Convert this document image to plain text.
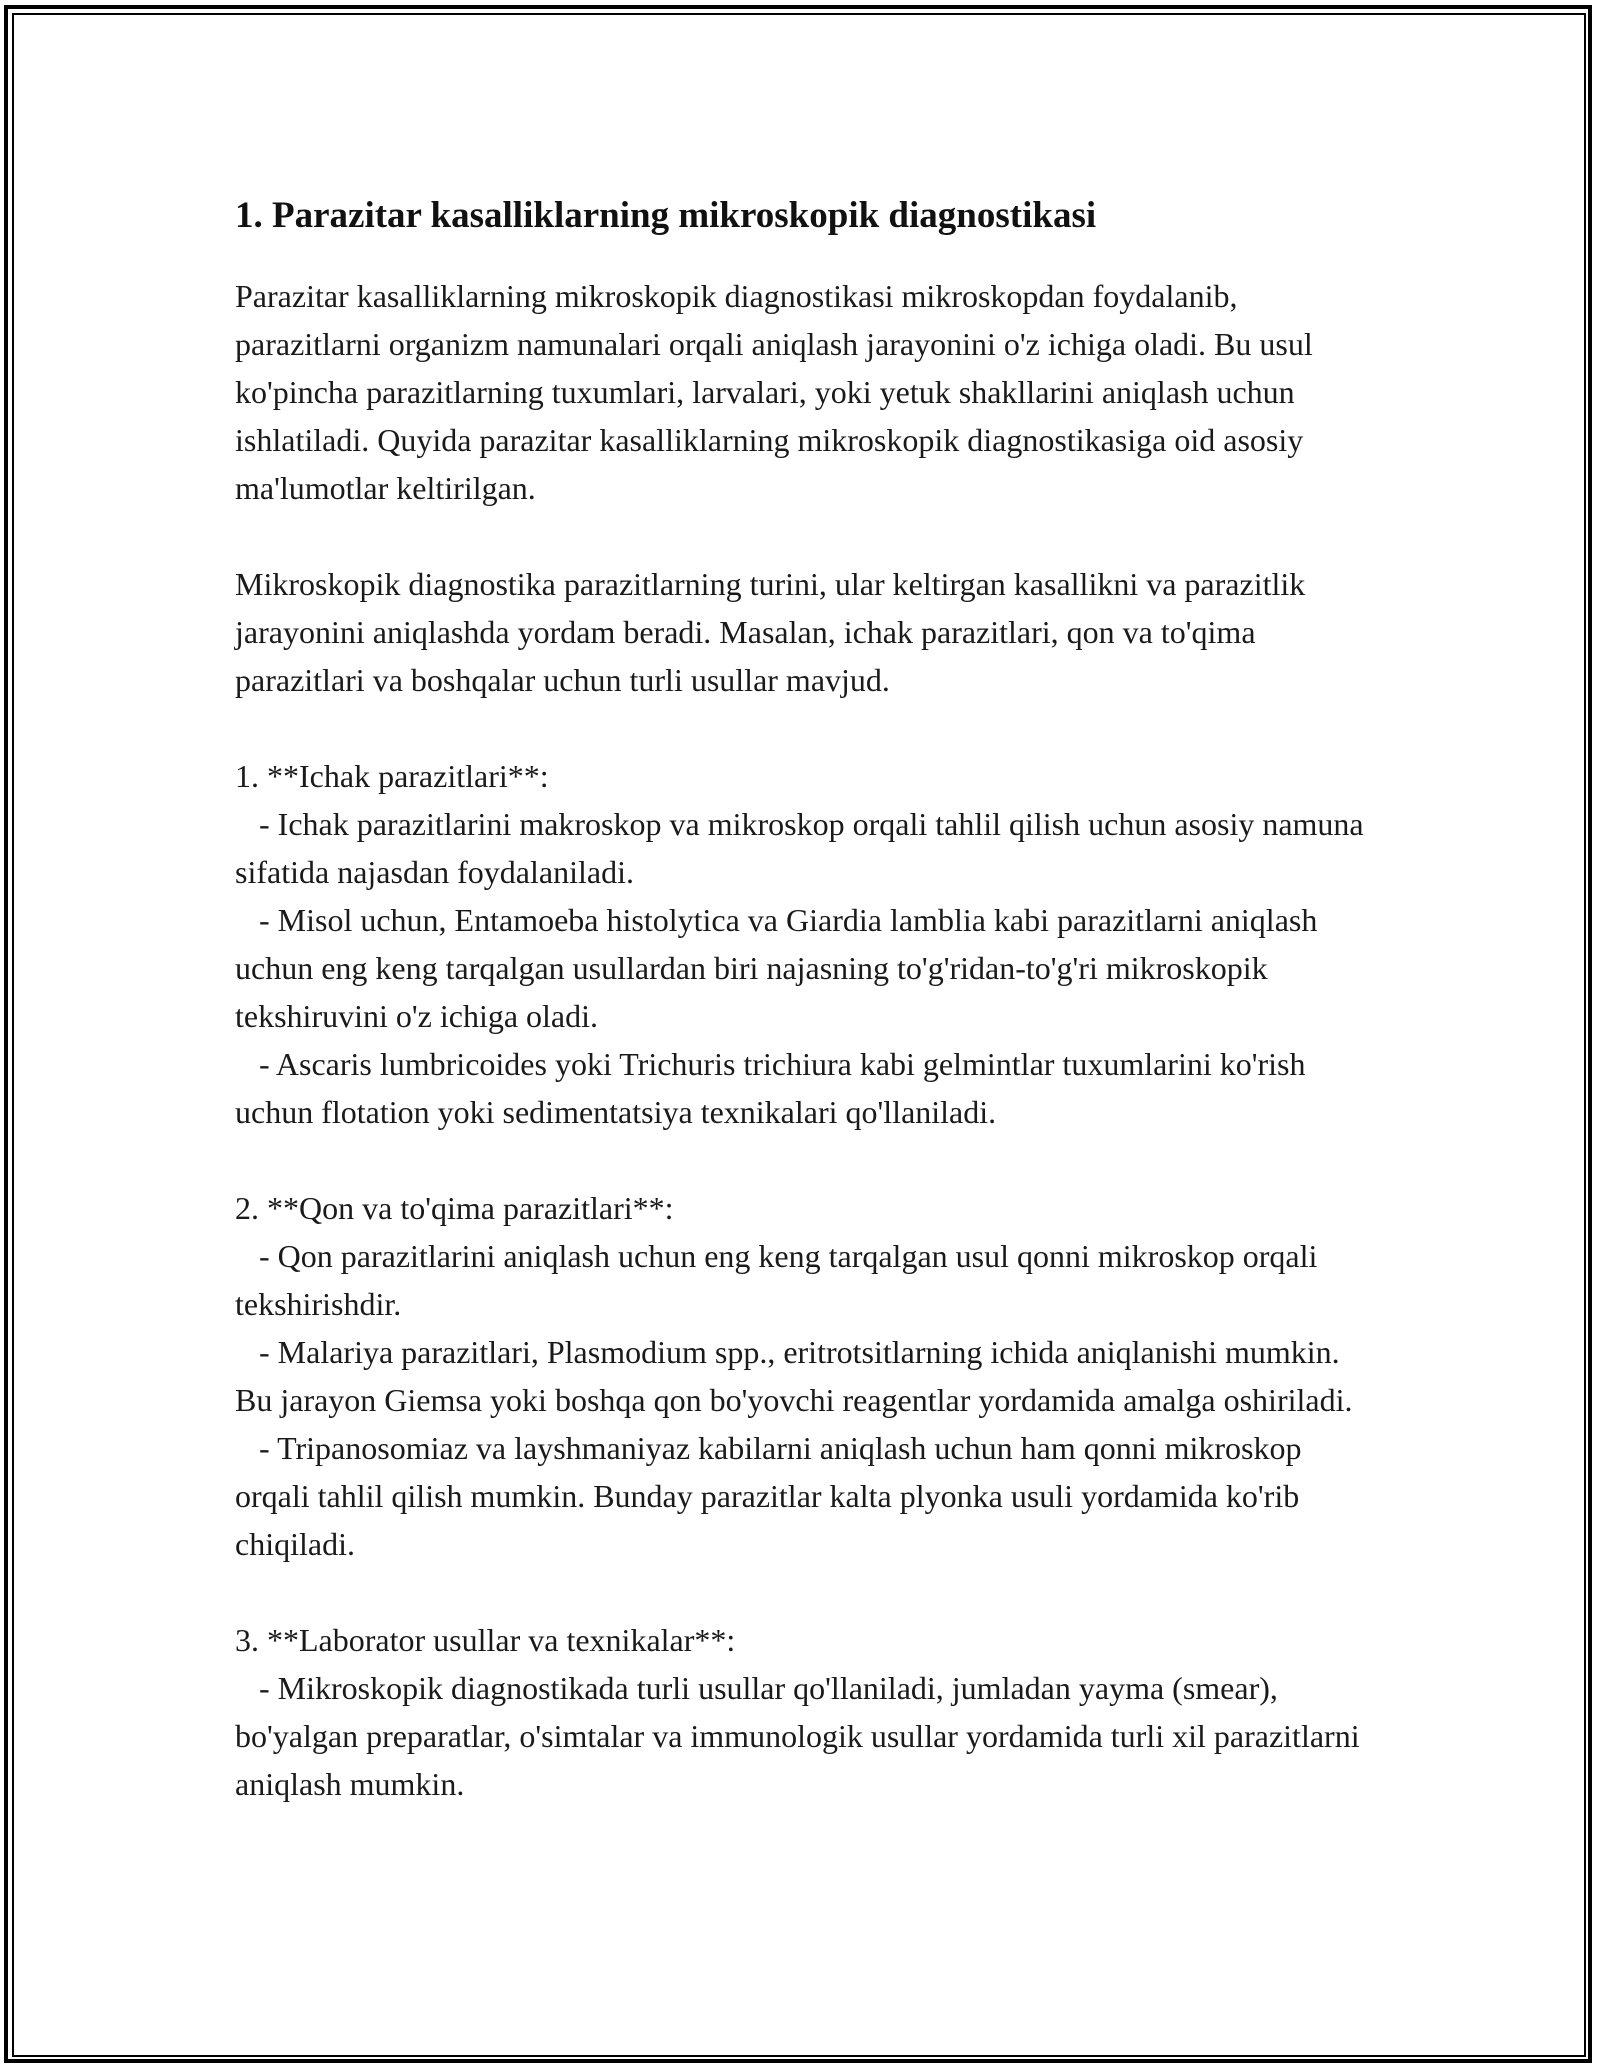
1. Parazitar kasalliklarning mikroskopik diagnostikasi

Parazitar kasalliklarning mikroskopik diagnostikasi mikroskopdan foydalanib, parazitlarni organizm namunalari orqali aniqlash jarayonini o'z ichiga oladi. Bu usul ko'pincha parazitlarning tuxumlari, larvalari, yoki yetuk shakllarini aniqlash uchun ishlatiladi. Quyida parazitar kasalliklarning mikroskopik diagnostikasiga oid asosiy ma'lumotlar keltirilgan.

Mikroskopik diagnostika parazitlarning turini, ular keltirgan kasallikni va parazitlik jarayonini aniqlashda yordam beradi. Masalan, ichak parazitlari, qon va to'qima parazitlari va boshqalar uchun turli usullar mavjud.

1. **Ichak parazitlari**:
- Ichak parazitlarini makroskop va mikroskop orqali tahlil qilish uchun asosiy namuna sifatida najasdan foydalaniladi.
- Misol uchun, Entamoeba histolytica va Giardia lamblia kabi parazitlarni aniqlash uchun eng keng tarqalgan usullardan biri najasning to'g'ridan-to'g'ri mikroskopik tekshiruvini o'z ichiga oladi.
- Ascaris lumbricoides yoki Trichuris trichiura kabi gelmintlar tuxumlarini ko'rish uchun flotation yoki sedimentatsiya texnikalari qo'llaniladi.
2. **Qon va to'qima parazitlari**:
- Qon parazitlarini aniqlash uchun eng keng tarqalgan usul qonni mikroskop orqali tekshirishdir.
- Malariya parazitlari, Plasmodium spp., eritrotsitlarning ichida aniqlanishi mumkin. Bu jarayon Giemsa yoki boshqa qon bo'yovchi reagentlar yordamida amalga oshiriladi.
- Tripanosomiaz va layshmaniyaz kabilarni aniqlash uchun ham qonni mikroskop orqali tahlil qilish mumkin. Bunday parazitlar kalta plyonka usuli yordamida ko'rib chiqiladi.
3. **Laborator usullar va texnikalar**:
- Mikroskopik diagnostikada turli usullar qo'llaniladi, jumladan yayma (smear), bo'yalgan preparatlar, o'simtalar va immunologik usullar yordamida turli xil parazitlarni aniqlash mumkin.
